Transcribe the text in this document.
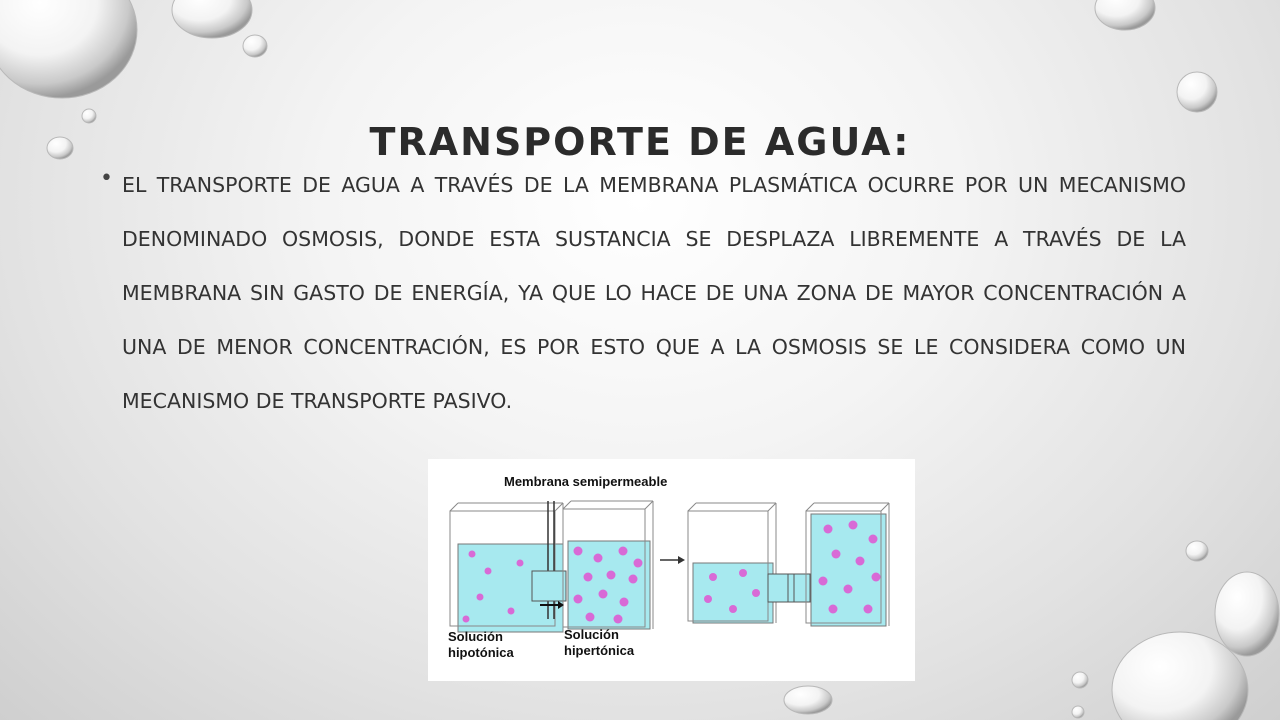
TRANSPORTE DE AGUA:
• EL TRANSPORTE DE AGUA A TRAVÉS DE LA MEMBRANA PLASMÁTICA OCURRE POR UN MECANISMO DENOMINADO OSMOSIS, DONDE ESTA SUSTANCIA SE DESPLAZA LIBREMENTE A TRAVÉS DE LA MEMBRANA SIN GASTO DE ENERGÍA, YA QUE LO HACE DE UNA ZONA DE MAYOR CONCENTRACIÓN A UNA DE MENOR CONCENTRACIÓN, ES POR ESTO QUE A LA OSMOSIS SE LE CONSIDERA COMO UN MECANISMO DE TRANSPORTE PASIVO.

Membrana semipermeable
Solución hipotónica
Solución hipertónica
